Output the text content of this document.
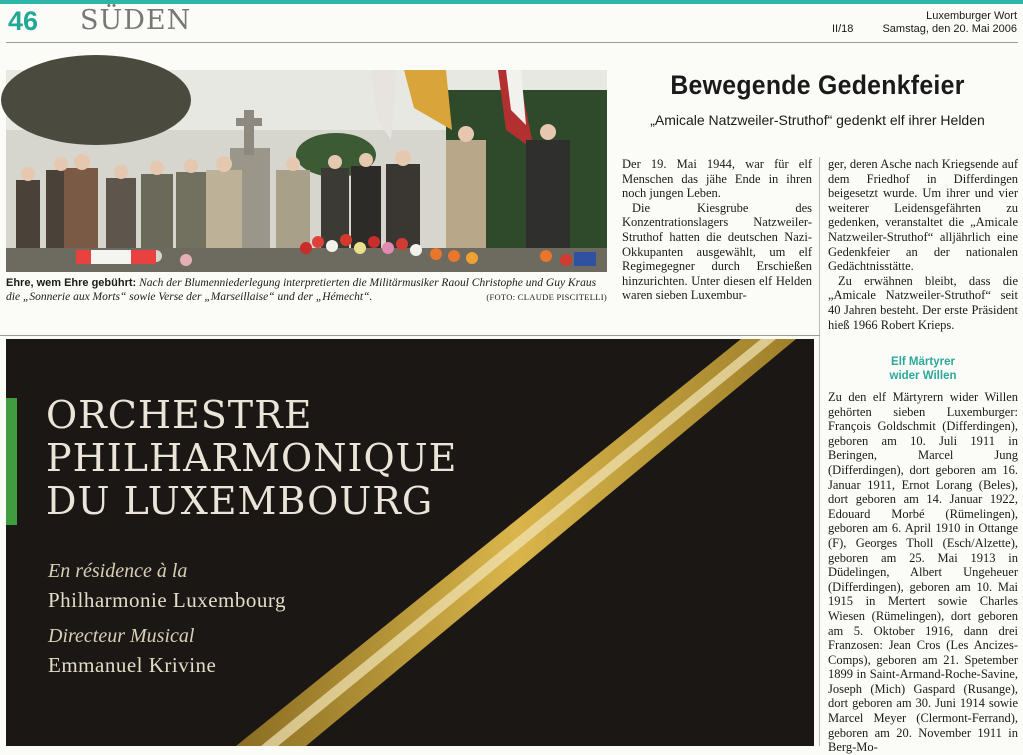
46 SÜDEN	II/18
Luxemburger Wort
Samstag, den 20. Mai 2006
Ehre, wem Ehre gebührt: Nach der Blumenniederlegung interpretierten die Militärmusiker Raoul Christophe und Guy Kraus die „Sonnerie aux Morts“ sowie Verse der „Marseillaise“ und der „Hémecht“.	(FOTO: CLAUDE PISCITELLI)
Bewegende Gedenkfeier
„Amicale Natzweiler-Struthof“ gedenkt elf ihrer Helden

Der 19. Mai 1944, war für elf Menschen das jähe Ende in ihren noch jungen Leben.

Die Kiesgrube des Konzentrationslagers Natzweiler-Struthof hatten die deutschen Nazi-Okkupanten ausgewählt, um elf Regimegegner durch Erschießen hinzurichten. Unter diesen elf Helden waren sieben Luxembur-

ger, deren Asche nach Kriegsende auf dem Friedhof in Differdingen beigesetzt wurde. Um ihrer und vier weiterer Leidensgefährten zu gedenken, veranstaltet die „Amicale Natzweiler-Struthof“ alljährlich eine Gedenkfeier an der nationalen Gedächtnisstätte.

Zu erwähnen bleibt, dass die „Amicale Natzweiler-Struthof“ seit 40 Jahren besteht. Der erste Präsident hieß 1966 Robert Krieps.

Elf Märtyrer
wider Willen

Zu den elf Märtyrern wider Willen gehörten sieben Luxemburger: François Goldschmit (Differdingen), geboren am 10. Juli 1911 in Beringen, Marcel Jung (Differdingen), dort geboren am 16. Januar 1911, Ernot Lorang (Beles), dort geboren am 14. Januar 1922, Edouard Morbé (Rümelingen), geboren am 6. April 1910 in Ottange (F), Georges Tholl (Esch/Alzette), geboren am 25. Mai 1913 in Düdelingen, Albert Ungeheuer (Differdingen), geboren am 10. Mai 1915 in Mertert sowie Charles Wiesen (Rümelingen), dort geboren am 5. Oktober 1916, dann drei Franzosen: Jean Cros (Les Ancizes-Comps), geboren am 21. Spetember 1899 in Saint-Armand-Roche-Savine, Joseph (Mich) Gaspard (Rusange), dort geboren am 30. Juni 1914 sowie Marcel Meyer (Clermont-Ferrand), geboren am 20. November 1911 in Berg-Mo-

ORCHESTRE
PHILHARMONIQUE
DU LUXEMBOURG
En résidence à la
Philharmonie Luxembourg
Directeur Musical
Emmanuel Krivine
